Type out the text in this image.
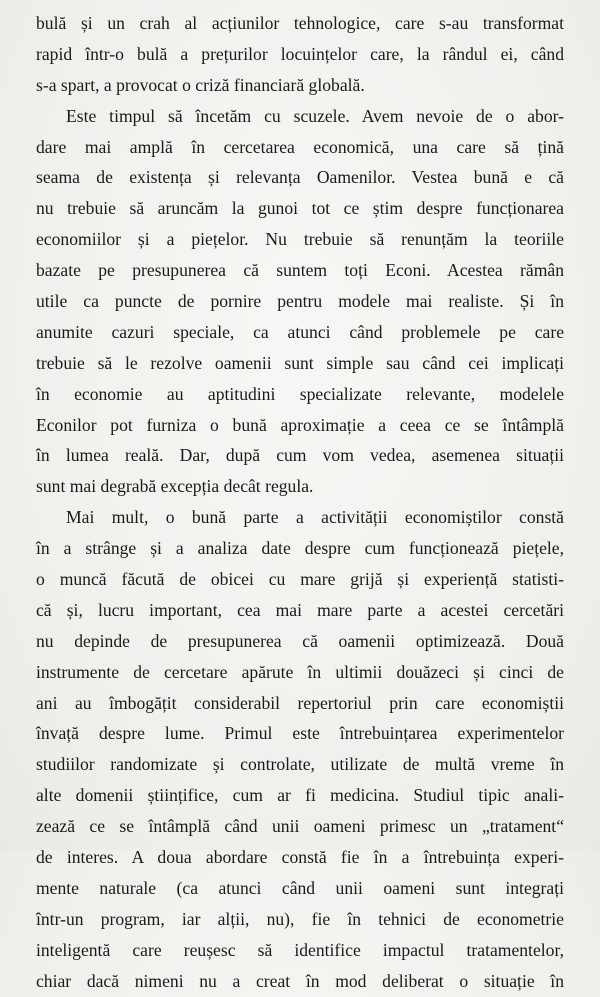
bulă și un crah al acțiunilor tehnologice, care s-au transformat
rapid într-o bulă a prețurilor locuințelor care, la rândul ei, când
s-a spart, a provocat o criză financiară globală.
Este timpul să încetăm cu scuzele. Avem nevoie de o abor-
dare mai amplă în cercetarea economică, una care să țină
seama de existența și relevanța Oamenilor. Vestea bună e că
nu trebuie să aruncăm la gunoi tot ce știm despre funcționarea
economiilor și a piețelor. Nu trebuie să renunțăm la teoriile
bazate pe presupunerea că suntem toți Econi. Acestea rămân
utile ca puncte de pornire pentru modele mai realiste. Și în
anumite cazuri speciale, ca atunci când problemele pe care
trebuie să le rezolve oamenii sunt simple sau când cei implicați
în economie au aptitudini specializate relevante, modelele
Econilor pot furniza o bună aproximație a ceea ce se întâmplă
în lumea reală. Dar, după cum vom vedea, asemenea situații
sunt mai degrabă excepția decât regula.
Mai mult, o bună parte a activității economiștilor constă
în a strânge și a analiza date despre cum funcționează piețele,
o muncă făcută de obicei cu mare grijă și experiență statisti-
că și, lucru important, cea mai mare parte a acestei cercetări
nu depinde de presupunerea că oamenii optimizează. Două
instrumente de cercetare apărute în ultimii douăzeci și cinci de
ani au îmbogățit considerabil repertoriul prin care economiștii
învață despre lume. Primul este întrebuințarea experimentelor
studiilor randomizate și controlate, utilizate de multă vreme în
alte domenii științifice, cum ar fi medicina. Studiul tipic anali-
zează ce se întâmplă când unii oameni primesc un „tratament“
de interes. A doua abordare constă fie în a întrebuința experi-
mente naturale (ca atunci când unii oameni sunt integrați
într-un program, iar alții, nu), fie în tehnici de econometrie
inteligentă care reușesc să identifice impactul tratamentelor,
chiar dacă nimeni nu a creat în mod deliberat o situație în
